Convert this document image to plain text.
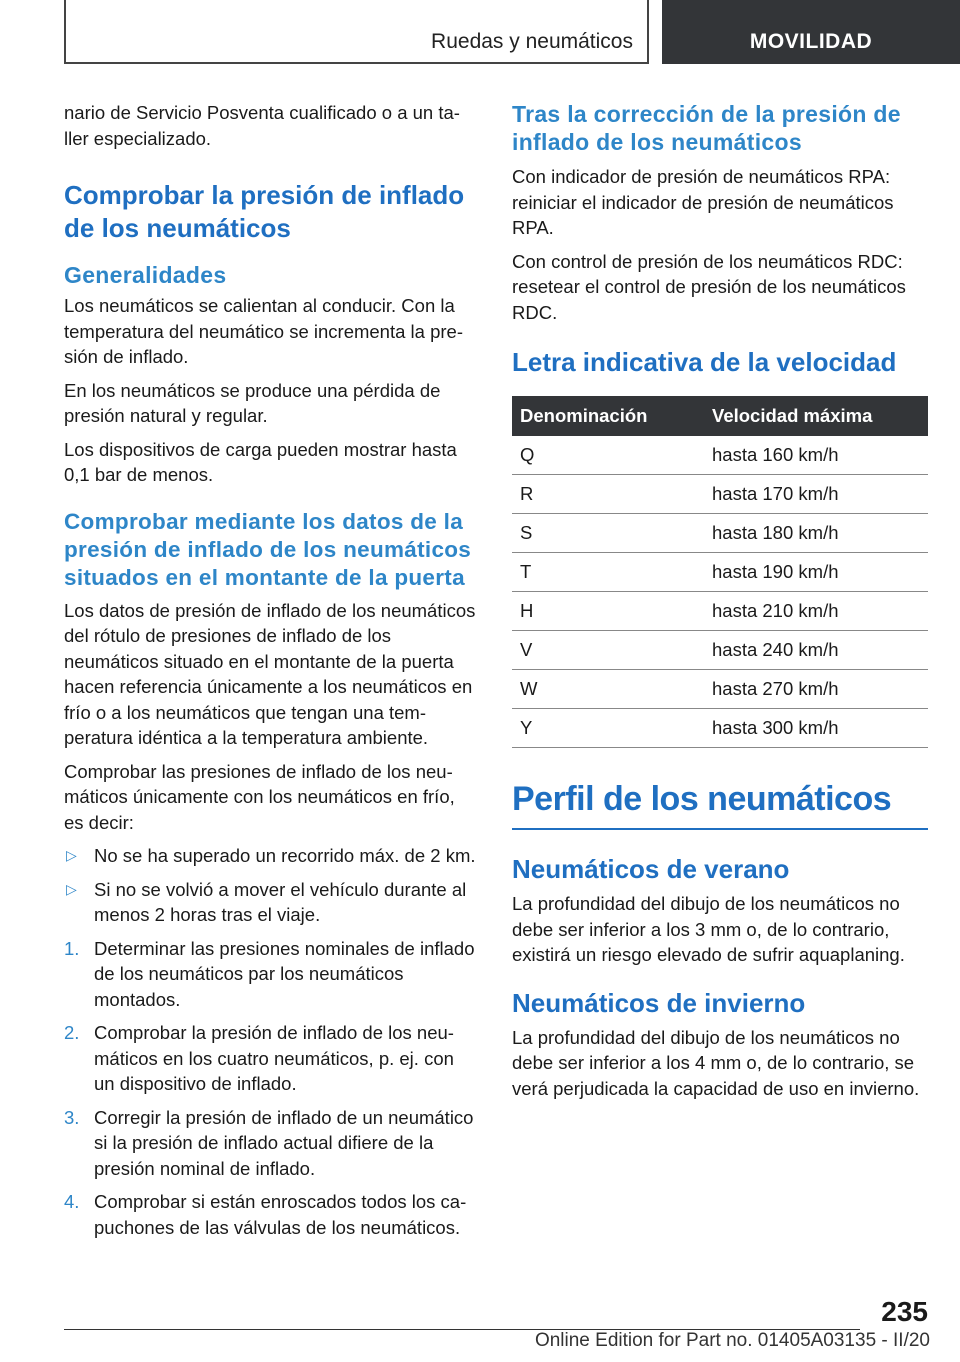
Ruedas y neumáticos	MOVILIDAD

nario de Servicio Posventa cualificado o a un taller especializado.

Comprobar la presión de inflado de los neumáticos
Generalidades

Los neumáticos se calientan al conducir. Con la temperatura del neumático se incrementa la presión de inflado.

En los neumáticos se produce una pérdida de presión natural y regular.

Los dispositivos de carga pueden mostrar hasta 0,1 bar de menos.

Comprobar mediante los datos de la presión de inflado de los neumáticos situados en el montante de la puerta

Los datos de presión de inflado de los neumáticos del rótulo de presiones de inflado de los neumáticos situado en el montante de la puerta hacen referencia únicamente a los neumáticos en frío o a los neumáticos que tengan una temperatura idéntica a la temperatura ambiente.

Comprobar las presiones de inflado de los neumáticos únicamente con los neumáticos en frío, es decir:

▷ No se ha superado un recorrido máx. de 2 km.
▷ Si no se volvió a mover el vehículo durante al menos 2 horas tras el viaje.
1. Determinar las presiones nominales de inflado de los neumáticos par los neumáticos montados.
2. Comprobar la presión de inflado de los neumáticos en los cuatro neumáticos, p. ej. con un dispositivo de inflado.
3. Corregir la presión de inflado de un neumático si la presión de inflado actual difiere de la presión nominal de inflado.
4. Comprobar si están enroscados todos los capuchones de las válvulas de los neumáticos.
Tras la corrección de la presión de inflado de los neumáticos

Con indicador de presión de neumáticos RPA: reiniciar el indicador de presión de neumáticos RPA.

Con control de presión de los neumáticos RDC: resetear el control de presión de los neumáticos RDC.

Letra indicativa de la velocidad
Denominación	Velocidad máxima
Q	hasta 160 km/h
R	hasta 170 km/h
S	hasta 180 km/h
T	hasta 190 km/h
H	hasta 210 km/h
V	hasta 240 km/h
W	hasta 270 km/h
Y	hasta 300 km/h
Perfil de los neumáticos
Neumáticos de verano

La profundidad del dibujo de los neumáticos no debe ser inferior a los 3 mm o, de lo contrario, existirá un riesgo elevado de sufrir aquaplaning.

Neumáticos de invierno

La profundidad del dibujo de los neumáticos no debe ser inferior a los 4 mm o, de lo contrario, se verá perjudicada la capacidad de uso en invierno.

235
Online Edition for Part no. 01405A03135 - II/20
